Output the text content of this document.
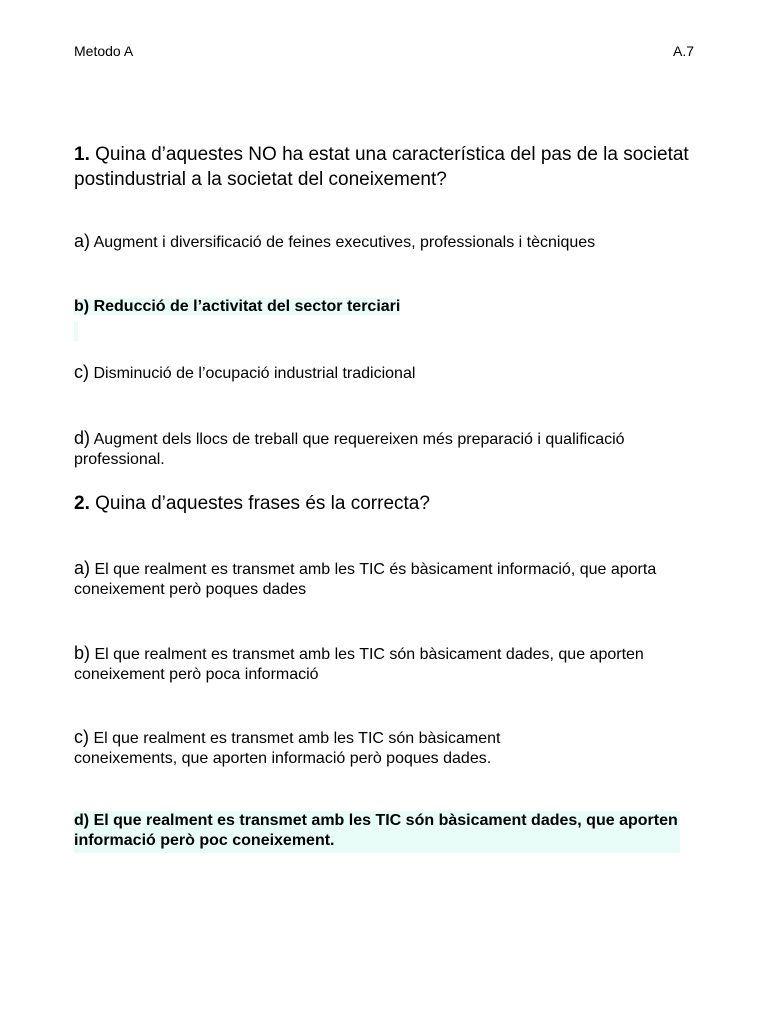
Metodo A	A.7

1. Quina d’aquestes NO ha estat una característica del pas de la societat postindustrial a la societat del coneixement?

a) Augment i diversificació de feines executives, professionals i tècniques

b) Reducció de l’activitat del sector terciari

c) Disminució de l’ocupació industrial tradicional

d) Augment dels llocs de treball que requereixen més preparació i qualificació professional.

2. Quina d’aquestes frases és la correcta?

a) El que realment es transmet amb les TIC és bàsicament informació, que aporta coneixement però poques dades

b) El que realment es transmet amb les TIC són bàsicament dades, que aporten coneixement però poca informació

c) El que realment es transmet amb les TIC són bàsicament coneixements, que aporten informació però poques dades.

d) El que realment es transmet amb les TIC són bàsicament dades, que aporten informació però poc coneixement.
